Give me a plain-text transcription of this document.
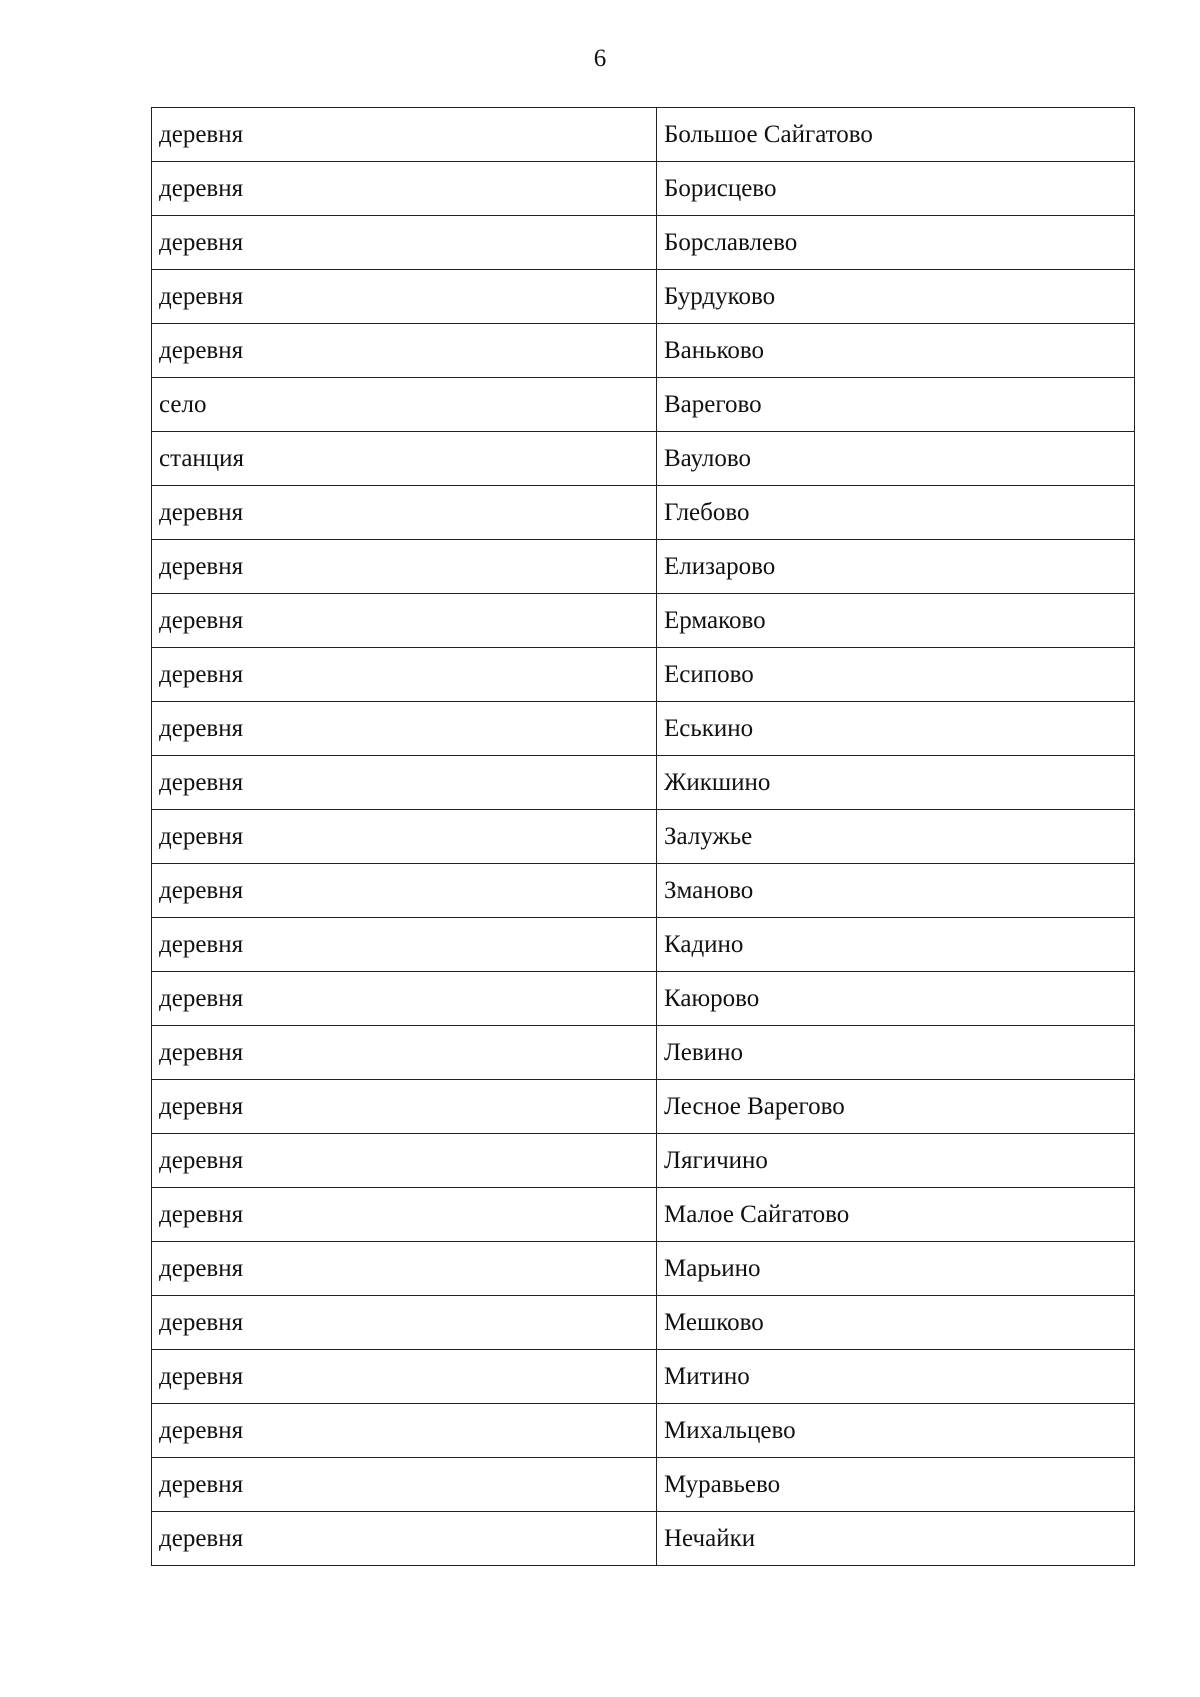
6
деревня	Большое Сайгатово
деревня	Борисцево
деревня	Борславлево
деревня	Бурдуково
деревня	Ваньково
село	Варегово
станция	Ваулово
деревня	Глебово
деревня	Елизарово
деревня	Ермаково
деревня	Есипово
деревня	Еськино
деревня	Жикшино
деревня	Залужье
деревня	Зманово
деревня	Кадино
деревня	Каюрово
деревня	Левино
деревня	Лесное Варегово
деревня	Лягичино
деревня	Малое Сайгатово
деревня	Марьино
деревня	Мешково
деревня	Митино
деревня	Михальцево
деревня	Муравьево
деревня	Нечайки
